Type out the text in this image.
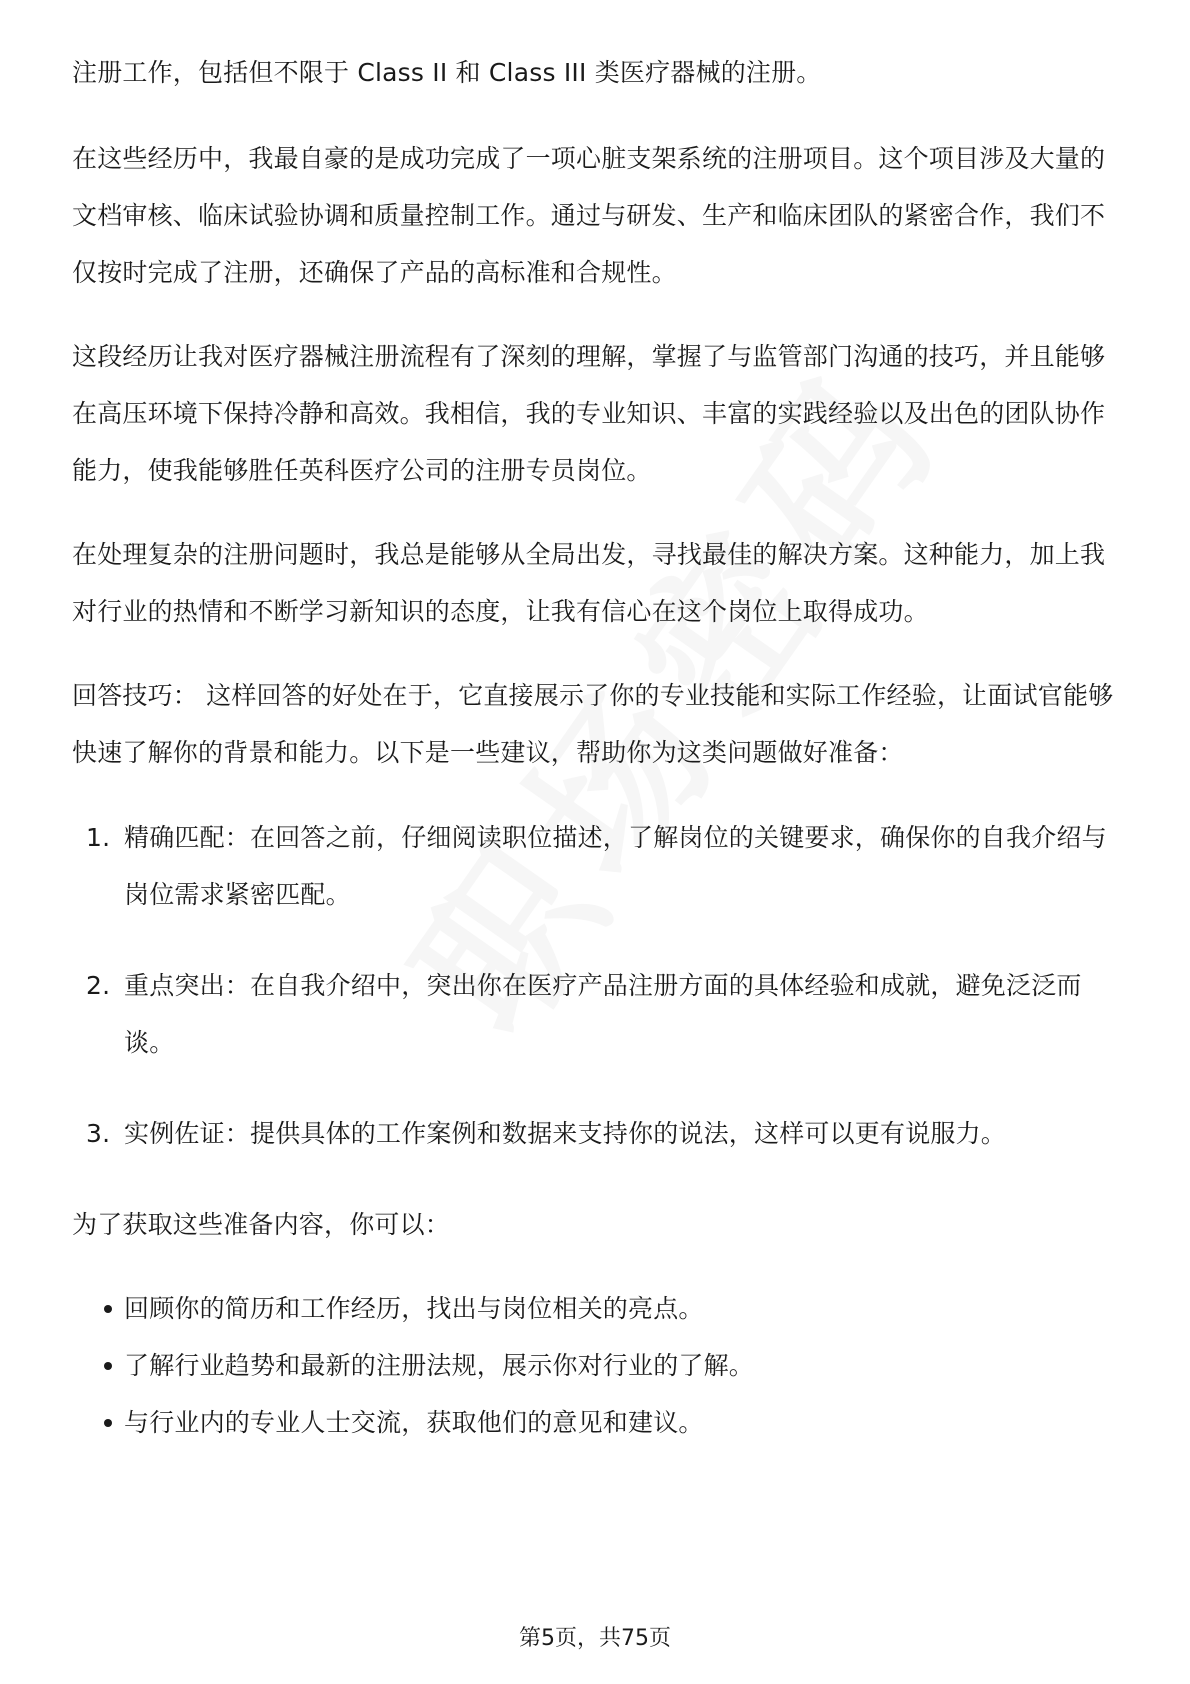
注册工作，包括但不限于 Class II 和 Class III 类医疗器械的注册。

在这些经历中，我最自豪的是成功完成了一项心脏支架系统的注册项目。这个项目涉及大量的文档审核、临床试验协调和质量控制工作。通过与研发、生产和临床团队的紧密合作，我们不仅按时完成了注册，还确保了产品的高标准和合规性。

这段经历让我对医疗器械注册流程有了深刻的理解，掌握了与监管部门沟通的技巧，并且能够在高压环境下保持冷静和高效。我相信，我的专业知识、丰富的实践经验以及出色的团队协作能力，使我能够胜任英科医疗公司的注册专员岗位。

在处理复杂的注册问题时，我总是能够从全局出发，寻找最佳的解决方案。这种能力，加上我对行业的热情和不断学习新知识的态度，让我有信心在这个岗位上取得成功。

回答技巧： 这样回答的好处在于，它直接展示了你的专业技能和实际工作经验，让面试官能够快速了解你的背景和能力。以下是一些建议，帮助你为这类问题做好准备：

1. 精确匹配：在回答之前，仔细阅读职位描述，了解岗位的关键要求，确保你的自我介绍与岗位需求紧密匹配。
2. 重点突出：在自我介绍中，突出你在医疗产品注册方面的具体经验和成就，避免泛泛而谈。
3. 实例佐证：提供具体的工作案例和数据来支持你的说法，这样可以更有说服力。

为了获取这些准备内容，你可以：

回顾你的简历和工作经历，找出与岗位相关的亮点。
了解行业趋势和最新的注册法规，展示你对行业的了解。
与行业内的专业人士交流，获取他们的意见和建议。
第5页，共75页
